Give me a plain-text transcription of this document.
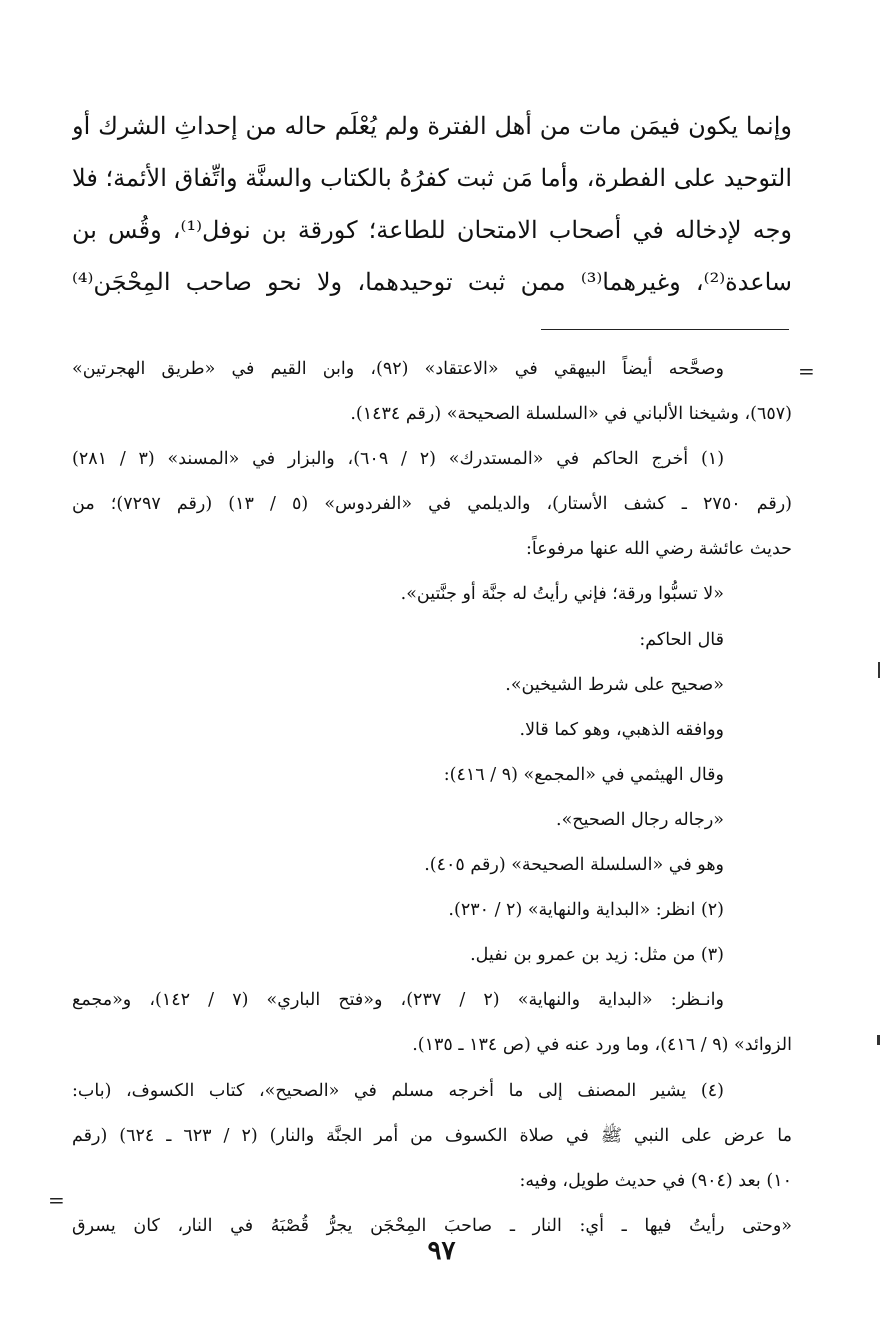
وإنما يكون فيمَن مات من أهل الفترة ولم يُعْلَم حاله من إحداثِ الشرك أو
التوحيد على الفطرة، وأما مَن ثبت كفرُهُ بالكتاب والسنَّة واتِّفاق الأئمة؛ فلا
وجه لإدخاله في أصحاب الامتحان للطاعة؛ كورقة بن نوفل⁽¹⁾، وقُس بن
ساعدة⁽²⁾، وغيرهما⁽³⁾ ممن ثبت توحيدهما، ولا نحو صاحب المِحْجَن⁽⁴⁾
=
وصحَّحه أيضاً البيهقي في «الاعتقاد» (٩٢)، وابن القيم في «طريق الهجرتين»
(٦٥٧)، وشيخنا الألباني في «السلسلة الصحيحة» (رقم ١٤٣٤).
(١) أخرج الحاكم في «المستدرك» (٢ / ٦٠٩)، والبزار في «المسند» (٣ / ٢٨١)
(رقم ٢٧٥٠ ـ كشف الأستار)، والديلمي في «الفردوس» (٥ / ١٣) (رقم ٧٢٩٧)؛ من
حديث عائشة رضي الله عنها مرفوعاً:
«لا تسبُّوا ورقة؛ فإني رأيتُ له جنَّة أو جنَّتين».
قال الحاكم:
«صحيح على شرط الشيخين».
ووافقه الذهبي، وهو كما قالا.
وقال الهيثمي في «المجمع» (٩ / ٤١٦):
«رجاله رجال الصحيح».
وهو في «السلسلة الصحيحة» (رقم ٤٠٥).
(٢) انظر: «البداية والنهاية» (٢ / ٢٣٠).
(٣) من مثل: زيد بن عمرو بن نفيل.
وانـظر: «البداية والنهاية» (٢ / ٢٣٧)، و«فتح الباري» (٧ / ١٤٢)، و«مجمع
الزوائد» (٩ / ٤١٦)، وما ورد عنه في (ص ١٣٤ ـ ١٣٥).
(٤) يشير المصنف إلى ما أخرجه مسلم في «الصحيح»، كتاب الكسوف، (باب:
ما عرض على النبي ﷺ في صلاة الكسوف من أمر الجنَّة والنار) (٢ / ٦٢٣ ـ ٦٢٤) (رقم
١٠) بعد (٩٠٤) في حديث طويل، وفيه:
«وحتى رأيتُ فيها ـ أي: النار ـ صاحبَ المِحْجَن يجرُّ قُصْبَهُ في النار، كان يسرق
=
٩٧
